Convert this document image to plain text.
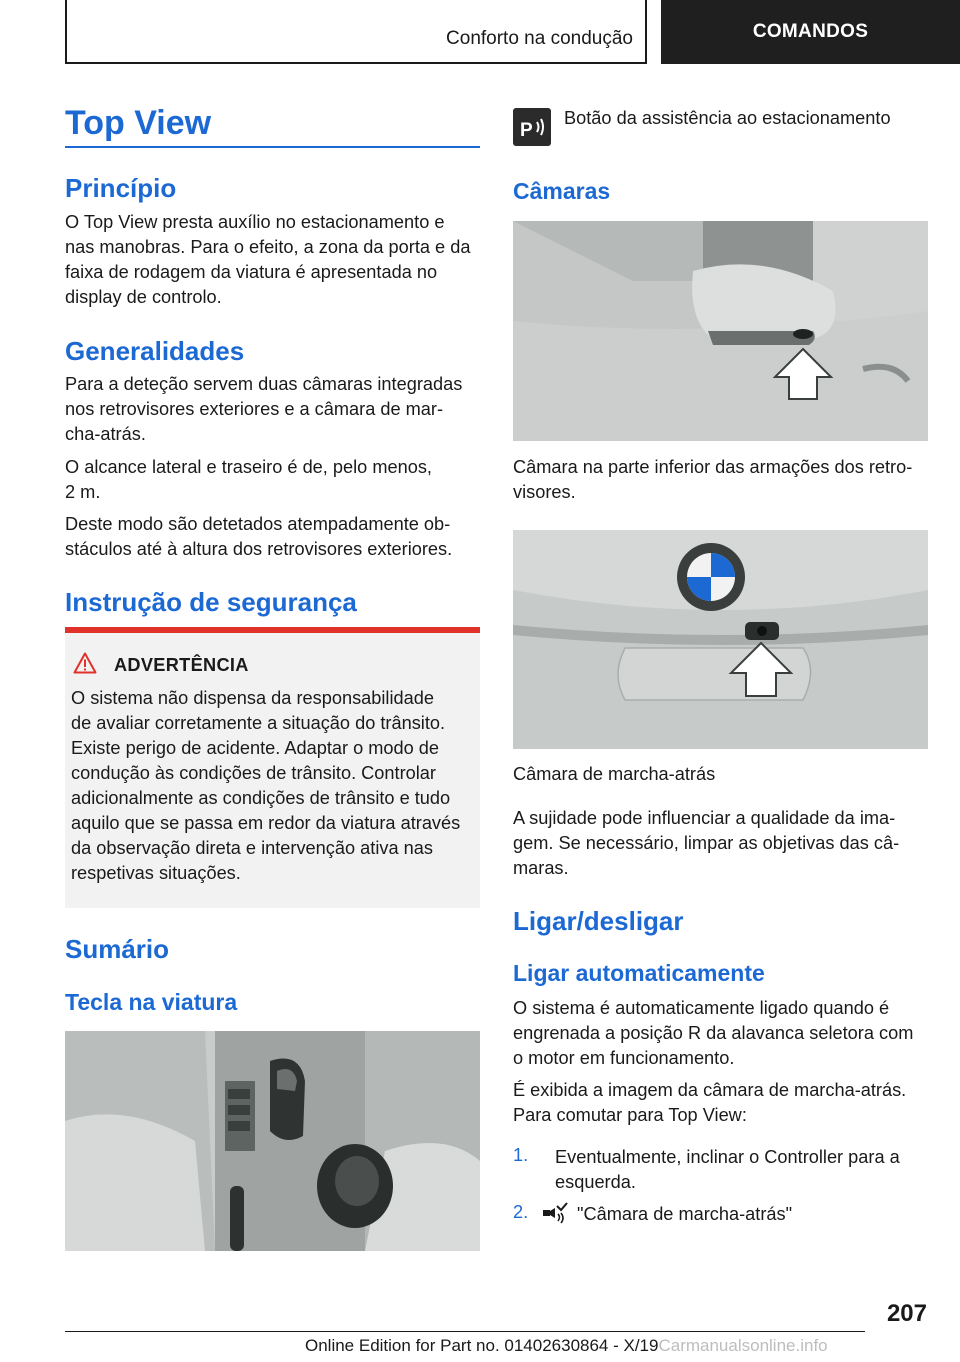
Conforto na condução	COMANDOS
Top View
Princípio

O Top View presta auxílio no estacionamento e

nas manobras. Para o efeito, a zona da porta e da

faixa de rodagem da viatura é apresentada no

display de controlo.

Generalidades

Para a deteção servem duas câmaras integradas

nos retrovisores exteriores e a câmara de mar-

cha-atrás.

O alcance lateral e traseiro é de, pelo menos,

2 m.

Deste modo são detetados atempadamente ob-

stáculos até à altura dos retrovisores exteriores.

Instrução de segurança
ADVERTÊNCIA

O sistema não dispensa da responsabilidade

de avaliar corretamente a situação do trânsito.

Existe perigo de acidente. Adaptar o modo de

condução às condições de trânsito. Controlar

adicionalmente as condições de trânsito e tudo

aquilo que se passa em redor da viatura através

da observação direta e intervenção ativa nas

respetivas situações.

Sumário
Tecla na viatura
P
Botão da assistência ao estacionamento
Câmaras

Câmara na parte inferior das armações dos retro-

visores.

Câmara de marcha-atrás

A sujidade pode influenciar a qualidade da ima-

gem. Se necessário, limpar as objetivas das câ-

maras.

Ligar/desligar
Ligar automaticamente

O sistema é automaticamente ligado quando é

engrenada a posição R da alavanca seletora com

o motor em funcionamento.

É exibida a imagem da câmara de marcha-atrás.

Para comutar para Top View:

1. Eventualmente, inclinar o Controller para a

esquerda.

2.	"Câmara de marcha-atrás"
207
Online Edition for Part no. 01402630864 - X/19Carmanualsonline.info
